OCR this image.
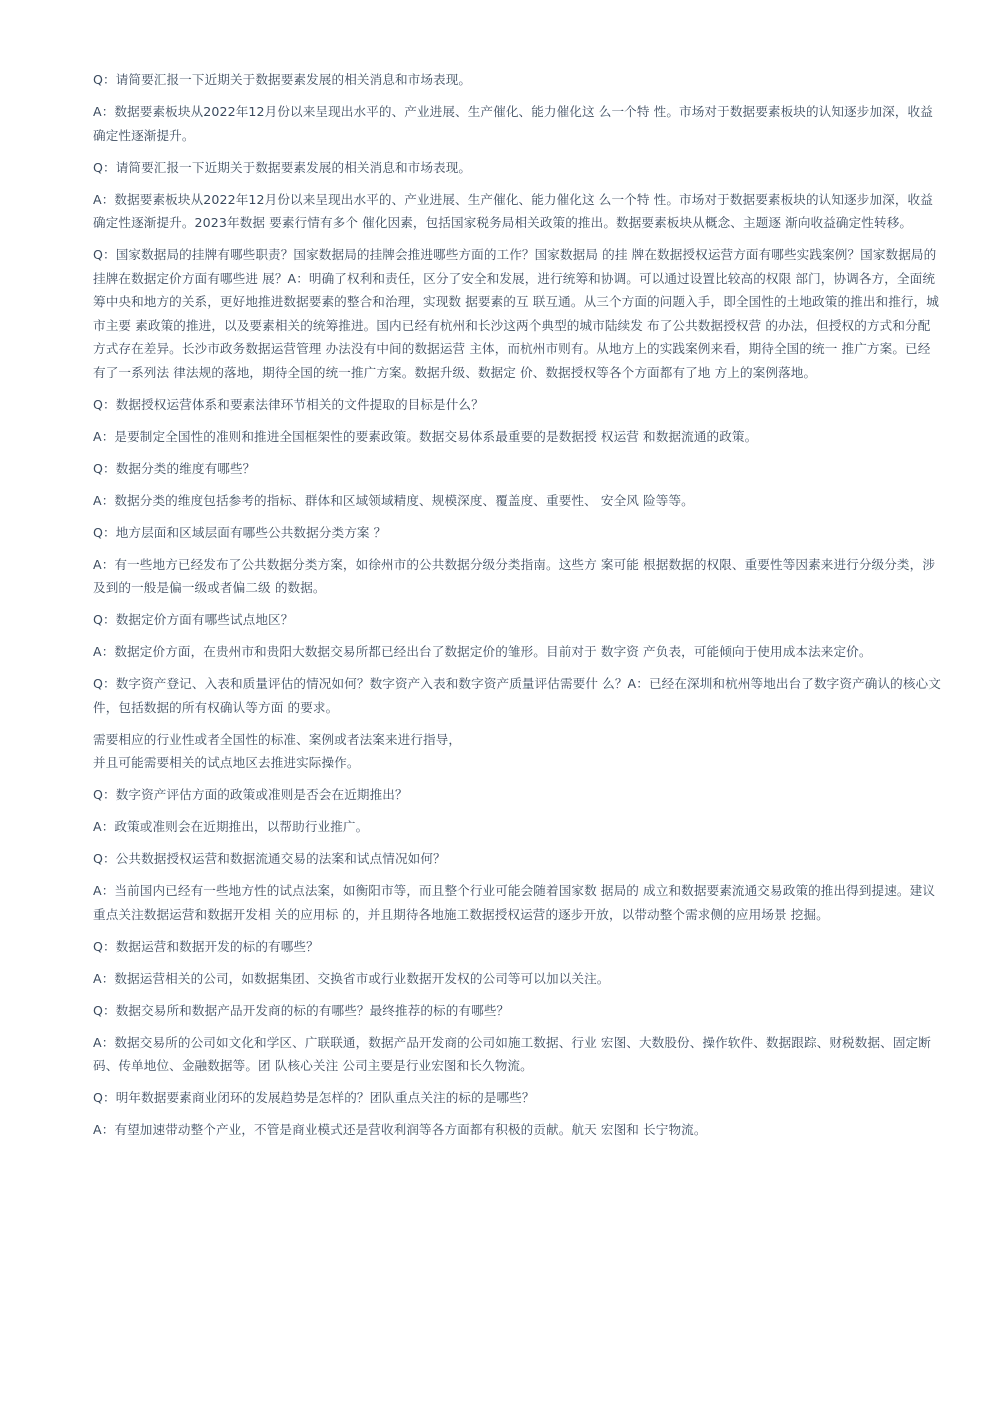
Q：请简要汇报一下近期关于数据要素发展的相关消息和市场表现。

A：数据要素板块从2022年12月份以来呈现出水平的、产业进展、生产催化、能力催化这 么一个特 性。市场对于数据要素板块的认知逐步加深，收益确定性逐渐提升。

Q：请简要汇报一下近期关于数据要素发展的相关消息和市场表现。

A：数据要素板块从2022年12月份以来呈现出水平的、产业进展、生产催化、能力催化这 么一个特 性。市场对于数据要素板块的认知逐步加深，收益确定性逐渐提升。2023年数据 要素行情有多个 催化因素，包括国家税务局相关政策的推出。数据要素板块从概念、主题逐 渐向收益确定性转移。

Q：国家数据局的挂牌有哪些职责？国家数据局的挂牌会推进哪些方面的工作？国家数据局 的挂 牌在数据授权运营方面有哪些实践案例？国家数据局的挂牌在数据定价方面有哪些进 展？A：明确了权利和责任，区分了安全和发展，进行统筹和协调。可以通过设置比较高的权限 部门，协调各方，全面统筹中央和地方的关系，更好地推进数据要素的整合和治理，实现数 据要素的互 联互通。从三个方面的问题入手，即全国性的土地政策的推出和推行，城市主要 素政策的推进，以及要素相关的统筹推进。国内已经有杭州和长沙这两个典型的城市陆续发 布了公共数据授权营 的办法，但授权的方式和分配方式存在差异。长沙市政务数据运营管理 办法没有中间的数据运营 主体，而杭州市则有。从地方上的实践案例来看，期待全国的统一 推广方案。已经有了一系列法 律法规的落地，期待全国的统一推广方案。数据升级、数据定 价、数据授权等各个方面都有了地 方上的案例落地。

Q：数据授权运营体系和要素法律环节相关的文件提取的目标是什么？

A：是要制定全国性的准则和推进全国框架性的要素政策。数据交易体系最重要的是数据授 权运营 和数据流通的政策。

Q：数据分类的维度有哪些？

A：数据分类的维度包括参考的指标、群体和区域领域精度、规模深度、覆盖度、重要性、 安全风 险等等。

Q：地方层面和区域层面有哪些公共数据分类方案 ？

A：有一些地方已经发布了公共数据分类方案，如徐州市的公共数据分级分类指南。这些方 案可能 根据数据的权限、重要性等因素来进行分级分类，涉及到的一般是偏一级或者偏二级 的数据。

Q：数据定价方面有哪些试点地区？

A：数据定价方面，在贵州市和贵阳大数据交易所都已经出台了数据定价的雏形。目前对于 数字资 产负表，可能倾向于使用成本法来定价。

Q：数字资产登记、入表和质量评估的情况如何？数字资产入表和数字资产质量评估需要什 么？A：已经在深圳和杭州等地出台了数字资产确认的核心文件，包括数据的所有权确认等方面 的要求。

需要相应的行业性或者全国性的标准、案例或者法案来进行指导，

并且可能需要相关的试点地区去推进实际操作。

Q：数字资产评估方面的政策或准则是否会在近期推出？

A：政策或准则会在近期推出，以帮助行业推广。

Q：公共数据授权运营和数据流通交易的法案和试点情况如何？

A：当前国内已经有一些地方性的试点法案，如衡阳市等，而且整个行业可能会随着国家数 据局的 成立和数据要素流通交易政策的推出得到提速。建议重点关注数据运营和数据开发相 关的应用标 的，并且期待各地施工数据授权运营的逐步开放，以带动整个需求侧的应用场景 挖掘。

Q：数据运营和数据开发的标的有哪些？

A：数据运营相关的公司，如数据集团、交换省市或行业数据开发权的公司等可以加以关注。

Q：数据交易所和数据产品开发商的标的有哪些？最终推荐的标的有哪些？

A：数据交易所的公司如文化和学区、广联联通，数据产品开发商的公司如施工数据、行业 宏图、大数股份、操作软件、数据跟踪、财税数据、固定断码、传单地位、金融数据等。团 队核心关注 公司主要是行业宏图和长久物流。

Q：明年数据要素商业闭环的发展趋势是怎样的？团队重点关注的标的是哪些？

A：有望加速带动整个产业，不管是商业模式还是营收利润等各方面都有积极的贡献。航天 宏图和 长宁物流。
